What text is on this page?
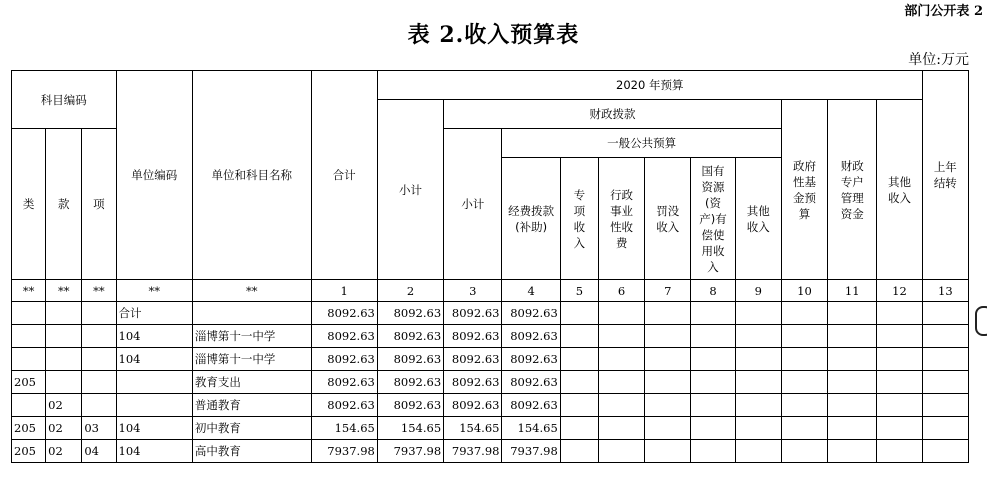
部门公开表 2
表 2.收入预算表
单位:万元
科目编码			单位编码	单位和科目名称	合计	2020 年预算											上年结转

						小计	财政拨款							政府性基金预算	财政专户管理资金	其他收入	

类	款	项					小计	一般公共预算									

								经费拨款(补助)	专项收入	行政事业性收费	罚没收入	国有资源(资产)有偿使用收入	其他收入				

**	**	**	**	**	1	2	3	4	5	6	7	8	9	10	11	12	13
			合计		8092.63	8092.63	8092.63	8092.63									
			104	淄博第十一中学	8092.63	8092.63	8092.63	8092.63									
			104	淄博第十一中学	8092.63	8092.63	8092.63	8092.63									
205				教育支出	8092.63	8092.63	8092.63	8092.63									
	02			普通教育	8092.63	8092.63	8092.63	8092.63									
205	02	03	104	初中教育	154.65	154.65	154.65	154.65									
205	02	04	104	高中教育	7937.98	7937.98	7937.98	7937.98									
